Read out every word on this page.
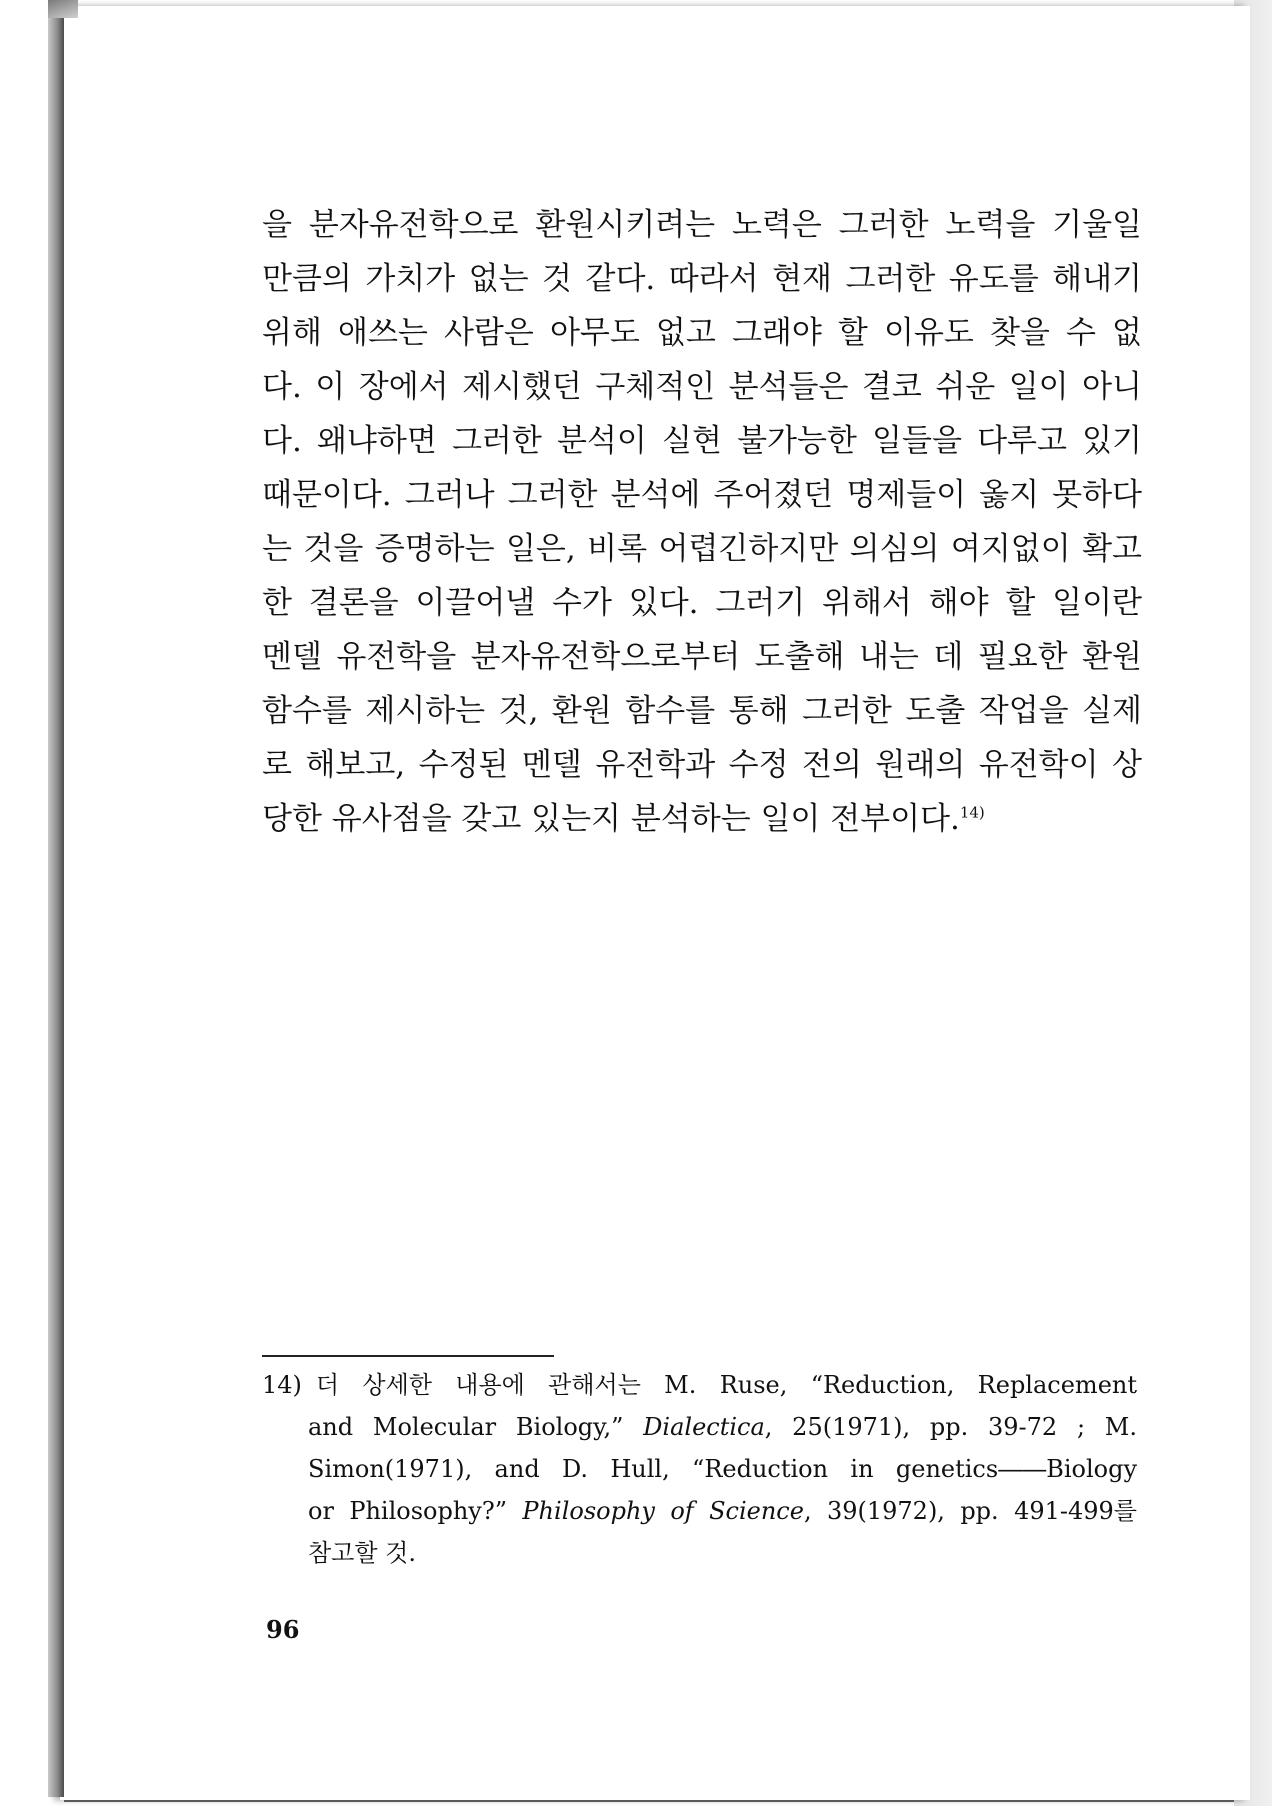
을 분자유전학으로 환원시키려는 노력은 그러한 노력을 기울일
만큼의 가치가 없는 것 같다. 따라서 현재 그러한 유도를 해내기
위해 애쓰는 사람은 아무도 없고 그래야 할 이유도 찾을 수 없
다. 이 장에서 제시했던 구체적인 분석들은 결코 쉬운 일이 아니
다. 왜냐하면 그러한 분석이 실현 불가능한 일들을 다루고 있기
때문이다. 그러나 그러한 분석에 주어졌던 명제들이 옳지 못하다
는 것을 증명하는 일은, 비록 어렵긴하지만 의심의 여지없이 확고
한 결론을 이끌어낼 수가 있다. 그러기 위해서 해야 할 일이란
멘델 유전학을 분자유전학으로부터 도출해 내는 데 필요한 환원
함수를 제시하는 것, 환원 함수를 통해 그러한 도출 작업을 실제
로 해보고, 수정된 멘델 유전학과 수정 전의 원래의 유전학이 상
당한 유사점을 갖고 있는지 분석하는 일이 전부이다.$^{14)}$
14) 더 상세한 내용에 관해서는 M. Ruse, “Reduction, Replacement
and Molecular Biology,” Dialectica, 25(1971), pp. 39-72 ; M.
Simon(1971), and D. Hull, “Reduction in genetics――Biology
or Philosophy?” Philosophy of Science, 39(1972), pp. 491-499를
참고할 것.
96
